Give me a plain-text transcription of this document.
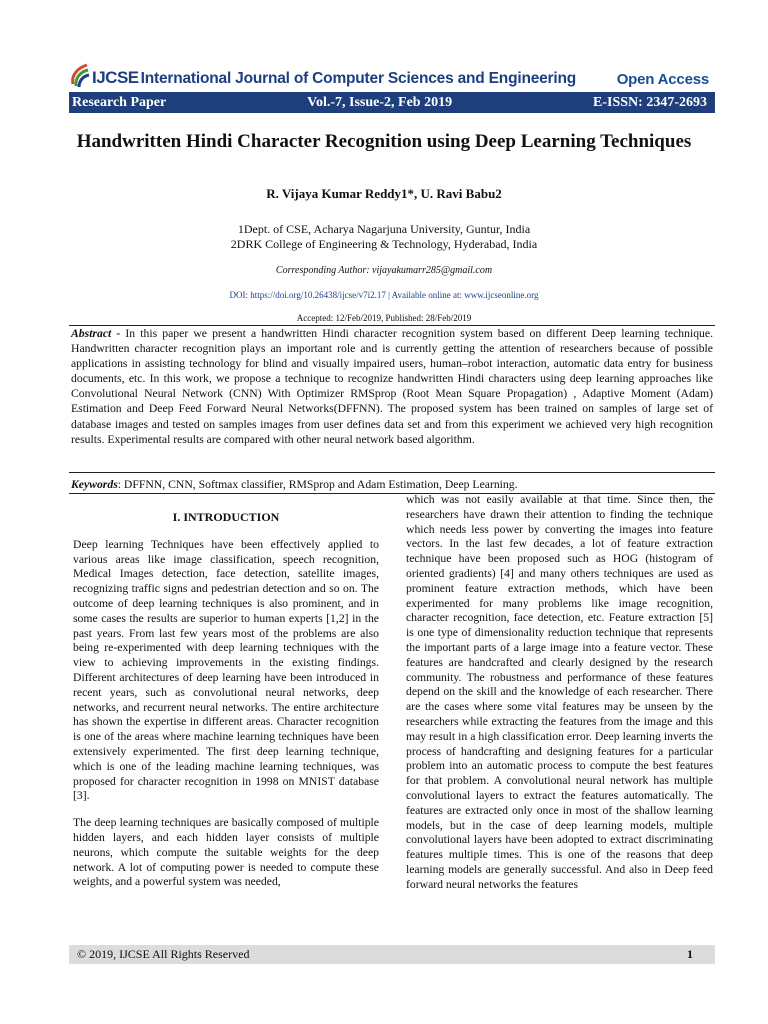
IJCSE International Journal of Computer Sciences and Engineering	Open Access
Research Paper	Vol.-7, Issue-2, Feb 2019	E-ISSN: 2347-2693
Handwritten Hindi Character Recognition using Deep Learning Techniques
R. Vijaya Kumar Reddy1*, U. Ravi Babu2
1Dept. of CSE, Acharya Nagarjuna University, Guntur, India
2DRK College of Engineering & Technology, Hyderabad, India
Corresponding Author: vijayakumarr285@gmail.com
DOI: https://doi.org/10.26438/ijcse/v7i2.17 | Available online at: www.ijcseonline.org
Accepted: 12/Feb/2019, Published: 28/Feb/2019
Abstract - In this paper we present a handwritten Hindi character recognition system based on different Deep learning technique. Handwritten character recognition plays an important role and is currently getting the attention of researchers because of possible applications in assisting technology for blind and visually impaired users, human–robot interaction, automatic data entry for business documents, etc. In this work, we propose a technique to recognize handwritten Hindi characters using deep learning approaches like Convolutional Neural Network (CNN) With Optimizer RMSprop (Root Mean Square Propagation) , Adaptive Moment (Adam) Estimation and Deep Feed Forward Neural Networks(DFFNN). The proposed system has been trained on samples of large set of database images and tested on samples images from user defines data set and from this experiment we achieved very high recognition results. Experimental results are compared with other neural network based algorithm.
Keywords: DFFNN, CNN, Softmax classifier, RMSprop and Adam Estimation, Deep Learning.
I. INTRODUCTION

Deep learning Techniques have been effectively applied to various areas like image classification, speech recognition, Medical Images detection, face detection, satellite images, recognizing traffic signs and pedestrian detection and so on. The outcome of deep learning techniques is also prominent, and in some cases the results are superior to human experts [1,2] in the past years. From last few years most of the problems are also being re-experimented with deep learning techniques with the view to achieving improvements in the existing findings. Different architectures of deep learning have been introduced in recent years, such as convolutional neural networks, deep networks, and recurrent neural networks. The entire architecture has shown the expertise in different areas. Character recognition is one of the areas where machine learning techniques have been extensively experimented. The first deep learning technique, which is one of the leading machine learning techniques, was proposed for character recognition in 1998 on MNIST database [3].

The deep learning techniques are basically composed of multiple hidden layers, and each hidden layer consists of multiple neurons, which compute the suitable weights for the deep network. A lot of computing power is needed to compute these weights, and a powerful system was needed,

which was not easily available at that time. Since then, the researchers have drawn their attention to finding the technique which needs less power by converting the images into feature vectors. In the last few decades, a lot of feature extraction technique have been proposed such as HOG (histogram of oriented gradients) [4] and many others techniques are used as prominent feature extraction methods, which have been experimented for many problems like image recognition, character recognition, face detection, etc. Feature extraction [5] is one type of dimensionality reduction technique that represents the important parts of a large image into a feature vector. These features are handcrafted and clearly designed by the research community. The robustness and performance of these features depend on the skill and the knowledge of each researcher. There are the cases where some vital features may be unseen by the researchers while extracting the features from the image and this may result in a high classification error. Deep learning inverts the process of handcrafting and designing features for a particular problem into an automatic process to compute the best features for that problem. A convolutional neural network has multiple convolutional layers to extract the features automatically. The features are extracted only once in most of the shallow learning models, but in the case of deep learning models, multiple convolutional layers have been adopted to extract discriminating features multiple times. This is one of the reasons that deep learning models are generally successful. And also in Deep feed forward neural networks the features

© 2019, IJCSE All Rights Reserved	1
